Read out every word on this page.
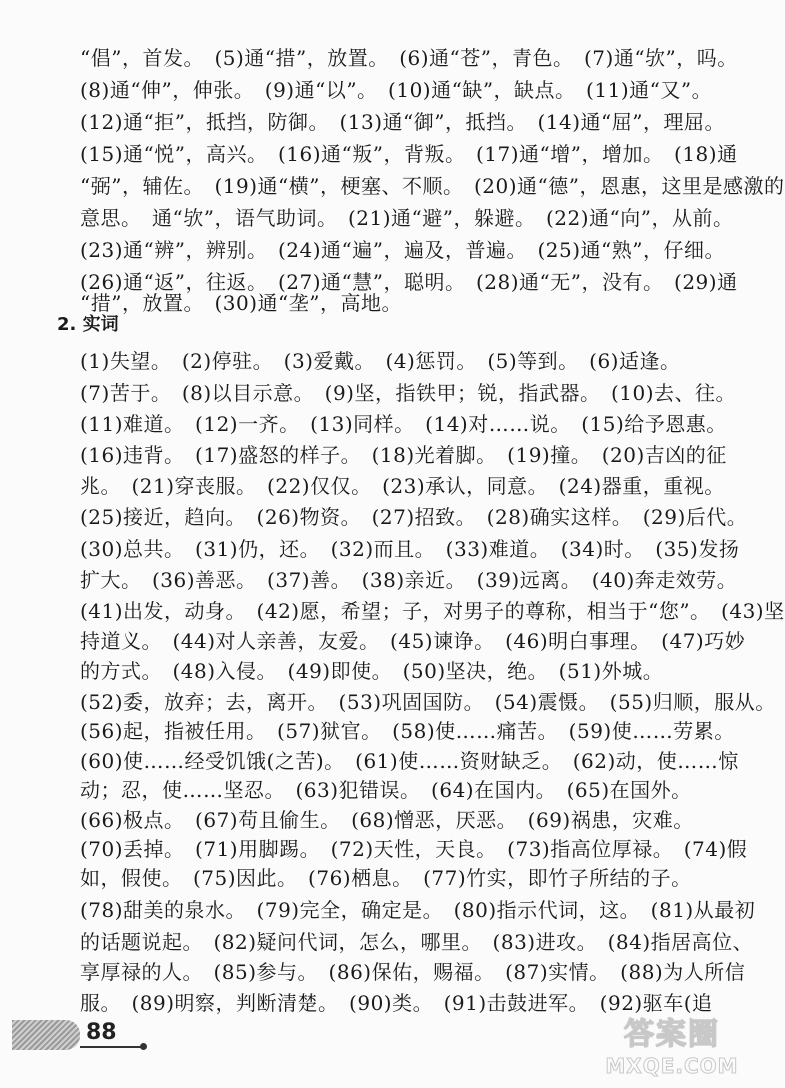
“倡”，首发。　(5)通“措”，放置。　(6)通“苍”，青色。　(7)通“欤”，吗。
(8)通“伸”，伸张。　(9)通“以”。　(10)通“缺”，缺点。　(11)通“又”。
(12)通“拒”，抵挡，防御。　(13)通“御”，抵挡。　(14)通“屈”，理屈。
(15)通“悦”，高兴。　(16)通“叛”，背叛。　(17)通“增”，增加。　(18)通
“弼”，辅佐。　(19)通“横”，梗塞、不顺。　(20)通“德”，恩惠，这里是感激的
意思。　通“欤”，语气助词。　(21)通“避”，躲避。　(22)通“向”，从前。
(23)通“辨”，辨别。　(24)通“遍”，遍及，普遍。　(25)通“熟”，仔细。
(26)通“返”，往返。　(27)通“慧”，聪明。　(28)通“无”，没有。　(29)通
“措”，放置。　(30)通“垄”，高地。
2. 实词
(1)失望。　(2)停驻。　(3)爱戴。　(4)惩罚。　(5)等到。　(6)适逢。
(7)苦于。　(8)以目示意。　(9)坚，指铁甲；锐，指武器。　(10)去、往。
(11)难道。　(12)一齐。　(13)同样。　(14)对……说。　(15)给予恩惠。
(16)违背。　(17)盛怒的样子。　(18)光着脚。　(19)撞。　(20)吉凶的征
兆。　(21)穿丧服。　(22)仅仅。　(23)承认，同意。　(24)器重，重视。
(25)接近，趋向。　(26)物资。　(27)招致。　(28)确实这样。　(29)后代。
(30)总共。　(31)仍，还。　(32)而且。　(33)难道。　(34)时。　(35)发扬
扩大。　(36)善恶。　(37)善。　(38)亲近。　(39)远离。　(40)奔走效劳。
(41)出发，动身。　(42)愿，希望；子，对男子的尊称，相当于“您”。　(43)坚
持道义。　(44)对人亲善，友爱。　(45)谏诤。　(46)明白事理。　(47)巧妙
的方式。　(48)入侵。　(49)即使。　(50)坚决，绝。　(51)外城。
(52)委，放弃；去，离开。　(53)巩固国防。　(54)震慑。　(55)归顺，服从。
(56)起，指被任用。　(57)狱官。　(58)使……痛苦。　(59)使……劳累。
(60)使……经受饥饿(之苦)。　(61)使……资财缺乏。　(62)动，使……惊
动；忍，使……坚忍。　(63)犯错误。　(64)在国内。　(65)在国外。
(66)极点。　(67)苟且偷生。　(68)憎恶，厌恶。　(69)祸患，灾难。
(70)丢掉。　(71)用脚踢。　(72)天性，天良。　(73)指高位厚禄。　(74)假
如，假使。　(75)因此。　(76)栖息。　(77)竹实，即竹子所结的子。
(78)甜美的泉水。　(79)完全，确定是。　(80)指示代词，这。　(81)从最初
的话题说起。　(82)疑问代词，怎么，哪里。　(83)进攻。　(84)指居高位、
享厚禄的人。　(85)参与。　(86)保佑，赐福。　(87)实情。　(88)为人所信
服。　(89)明察，判断清楚。　(90)类。　(91)击鼓进军。　(92)驱车(追
88	答案圈
MXQE.COM
